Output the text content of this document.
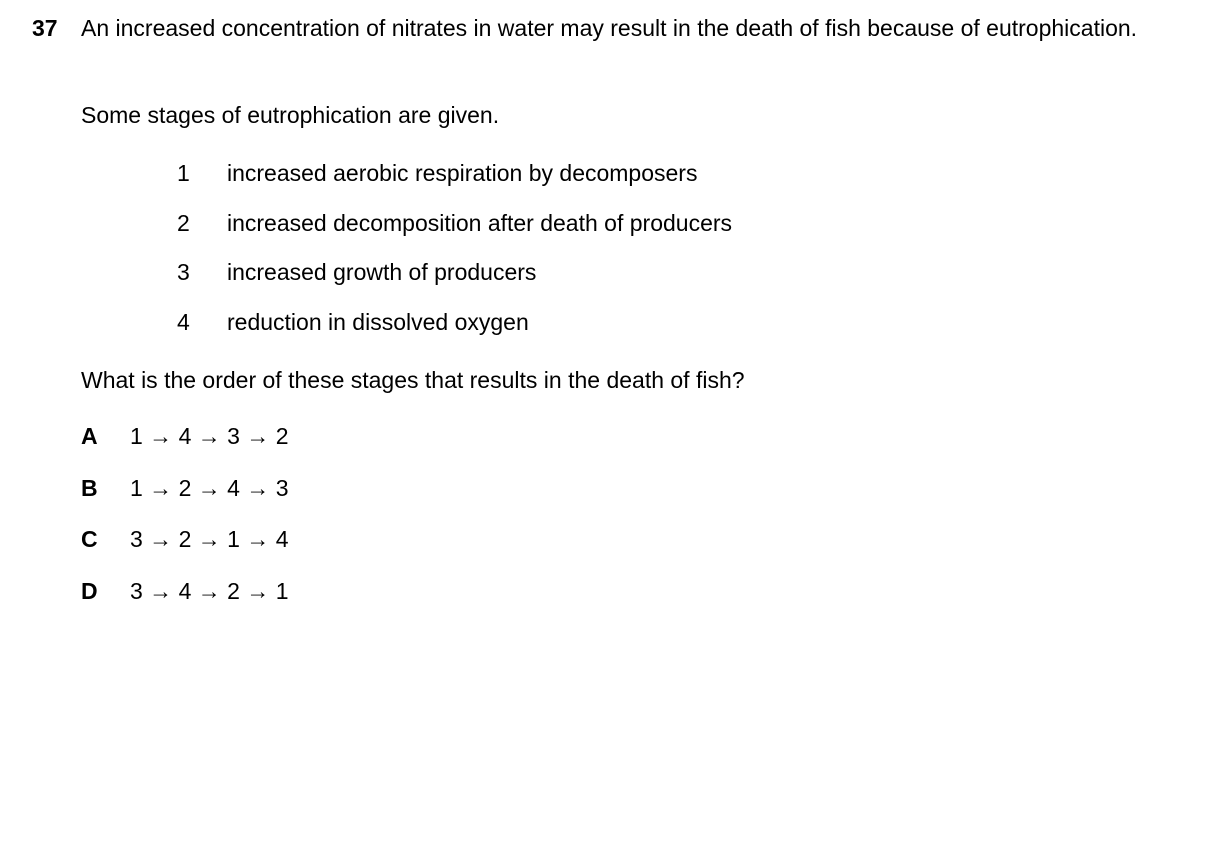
37 An increased concentration of nitrates in water may result in the death of fish because of eutrophication.
Some stages of eutrophication are given.
1 increased aerobic respiration by decomposers
2 increased decomposition after death of producers
3 increased growth of producers
4 reduction in dissolved oxygen
What is the order of these stages that results in the death of fish?
A 1 → 4 → 3 → 2
B 1 → 2 → 4 → 3
C 3 → 2 → 1 → 4
D 3 → 4 → 2 → 1
